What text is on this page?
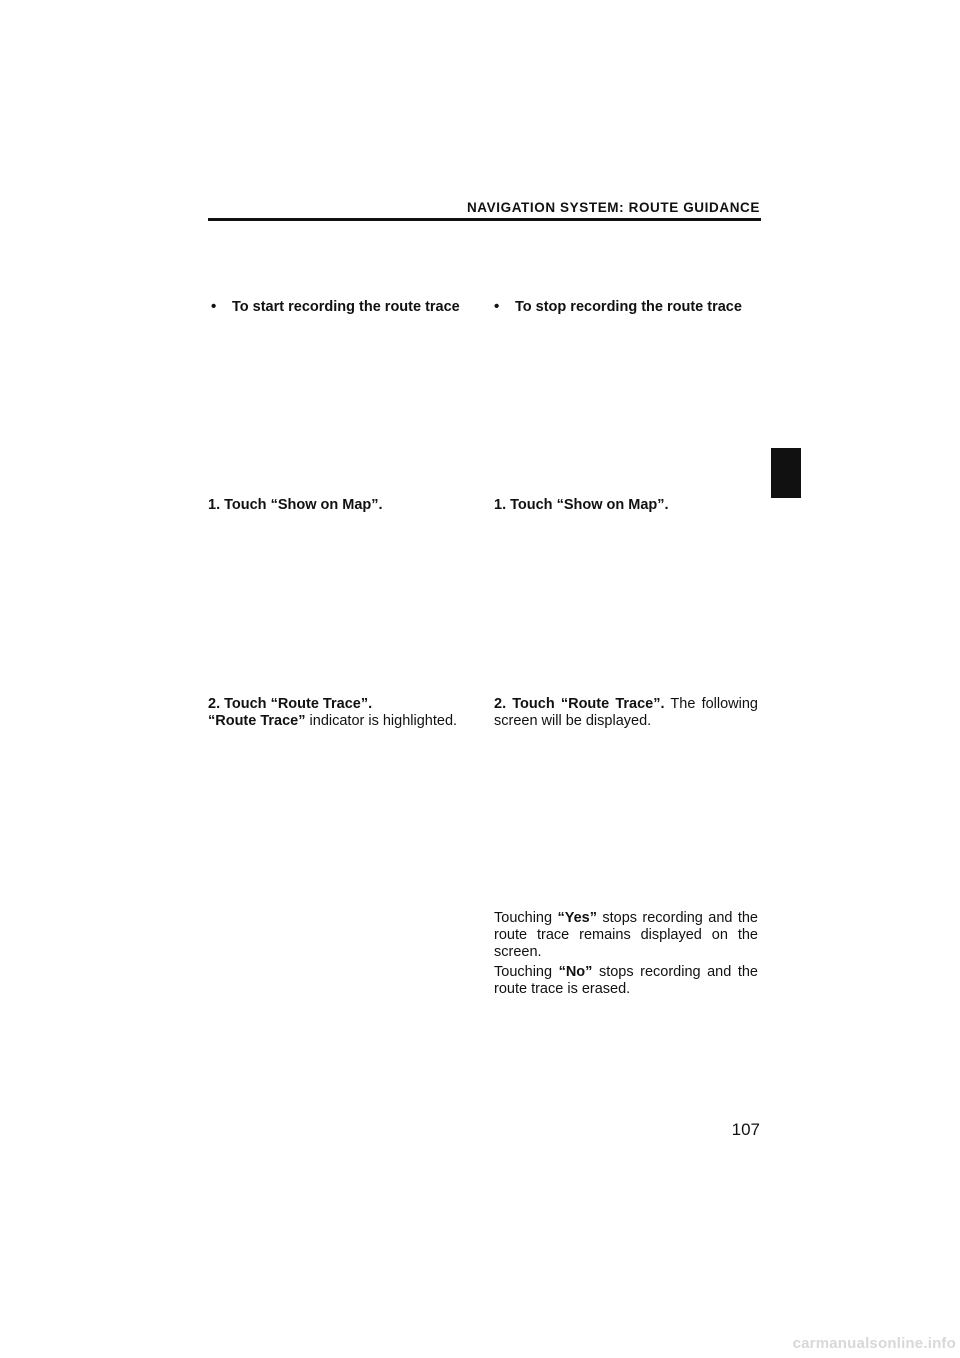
NAVIGATION SYSTEM: ROUTE GUIDANCE
• To start recording the route trace
1. Touch “Show on Map”.
2. Touch “Route Trace”.

“Route Trace” indicator is highlighted.

• To stop recording the route trace
1. Touch “Show on Map”.

2. Touch “Route Trace”. The following screen will be displayed.

Touching “Yes” stops recording and the route trace remains displayed on the screen.

Touching “No” stops recording and the route trace is erased.

107
carmanualsonline.info
